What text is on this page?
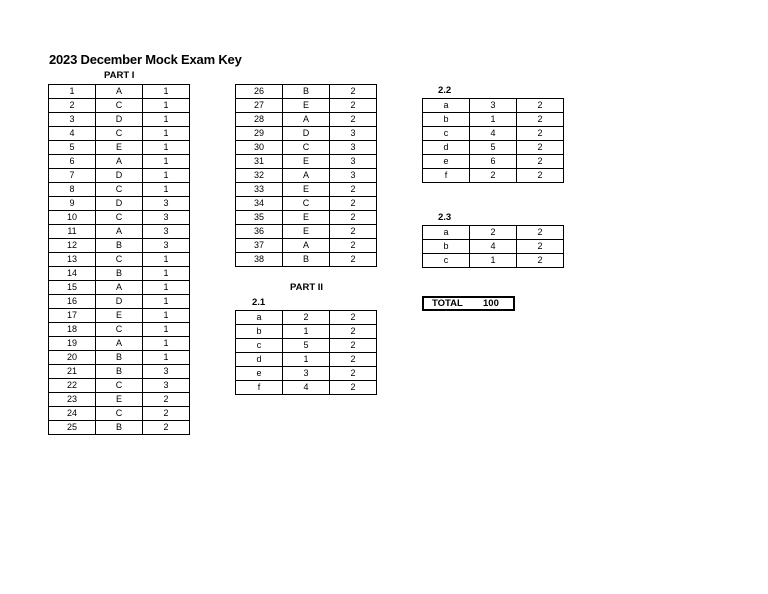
2023 December Mock Exam Key
PART I
1	A	1
2	C	1
3	D	1
4	C	1
5	E	1
6	A	1
7	D	1
8	C	1
9	D	3
10	C	3
11	A	3
12	B	3
13	C	1
14	B	1
15	A	1
16	D	1
17	E	1
18	C	1
19	A	1
20	B	1
21	B	3
22	C	3
23	E	2
24	C	2
25	B	2
26	B	2
27	E	2
28	A	2
29	D	3
30	C	3
31	E	3
32	A	3
33	E	2
34	C	2
35	E	2
36	E	2
37	A	2
38	B	2
PART II
2.1
a	2	2
b	1	2
c	5	2
d	1	2
e	3	2
f	4	2
2.2
a	3	2
b	1	2
c	4	2
d	5	2
e	6	2
f	2	2
2.3
a	2	2
b	4	2
c	1	2
TOTAL 100
